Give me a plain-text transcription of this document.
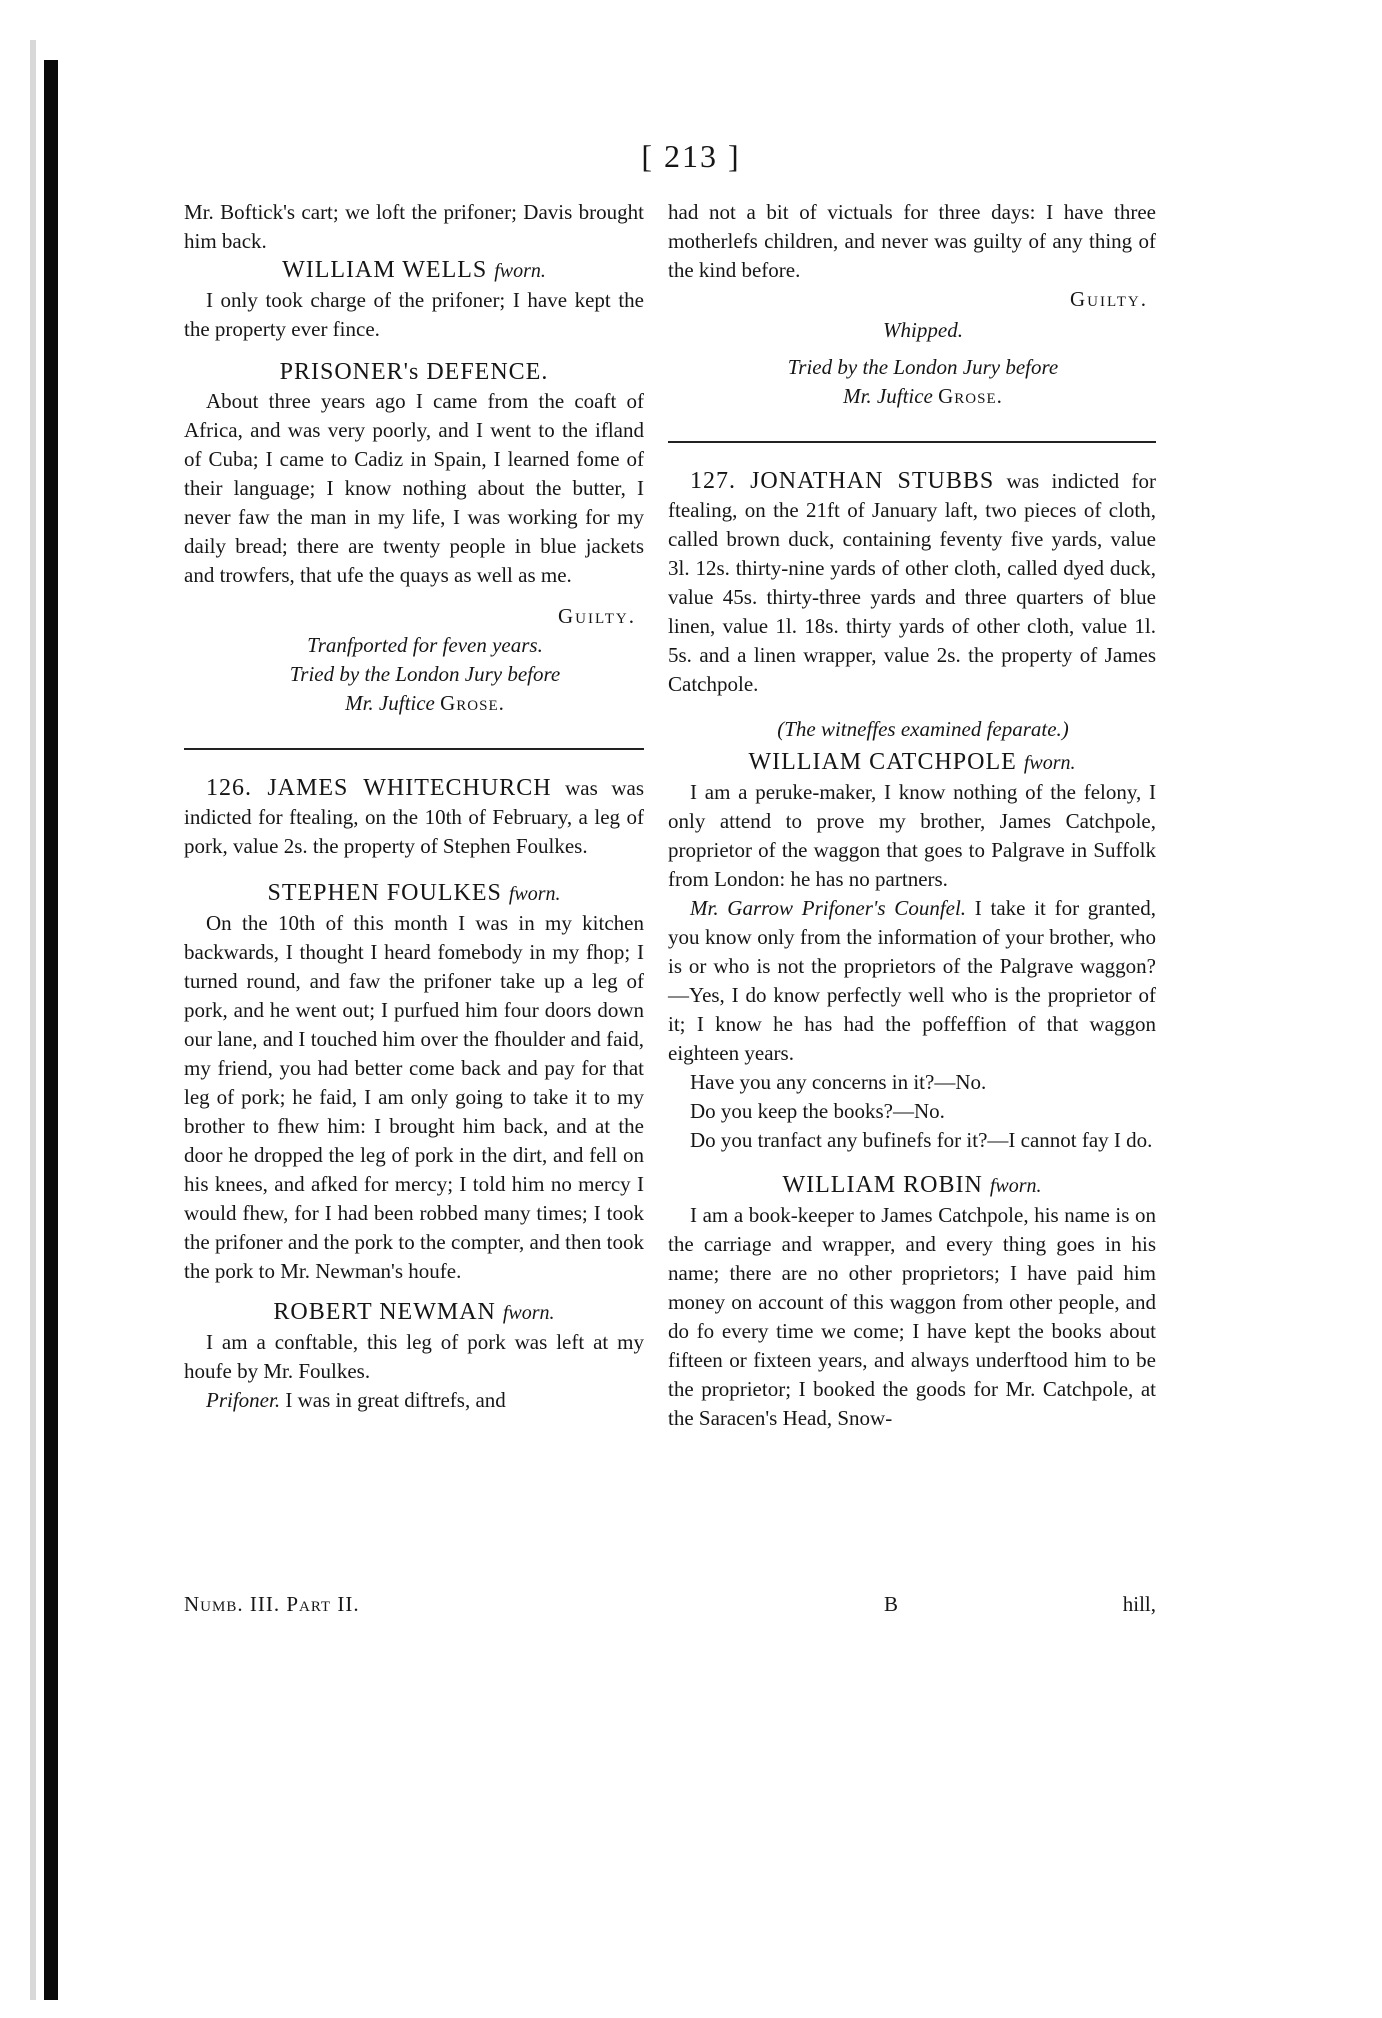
[ 213 ]

Mr. Boftick's cart; we loft the prifoner; Davis brought him back.

WILLIAM WELLS fworn.

I only took charge of the prifoner; I have kept the the property ever fince.

PRISONER's DEFENCE.

About three years ago I came from the coaft of Africa, and was very poorly, and I went to the ifland of Cuba; I came to Cadiz in Spain, I learned fome of their language; I know nothing about the butter, I never faw the man in my life, I was working for my daily bread; there are twenty people in blue jackets and trowfers, that ufe the quays as well as me.

Guilty.

Tranfported for feven years.

Tried by the London Jury before

Mr. Juftice Grose.

126. JAMES WHITECHURCH was was indicted for ftealing, on the 10th of February, a leg of pork, value 2s. the property of Stephen Foulkes.

STEPHEN FOULKES fworn.

On the 10th of this month I was in my kitchen backwards, I thought I heard fomebody in my fhop; I turned round, and faw the prifoner take up a leg of pork, and he went out; I purfued him four doors down our lane, and I touched him over the fhoulder and faid, my friend, you had better come back and pay for that leg of pork; he faid, I am only going to take it to my brother to fhew him: I brought him back, and at the door he dropped the leg of pork in the dirt, and fell on his knees, and afked for mercy; I told him no mercy I would fhew, for I had been robbed many times; I took the prifoner and the pork to the compter, and then took the pork to Mr. Newman's houfe.

ROBERT NEWMAN fworn.

I am a conftable, this leg of pork was left at my houfe by Mr. Foulkes.

Prifoner. I was in great diftrefs, and

had not a bit of victuals for three days: I have three motherlefs children, and never was guilty of any thing of the kind before.

Guilty.

Whipped.

Tried by the London Jury before

Mr. Juftice Grose.

127. JONATHAN STUBBS was indicted for ftealing, on the 21ft of January laft, two pieces of cloth, called brown duck, containing feventy five yards, value 3l. 12s. thirty-nine yards of other cloth, called dyed duck, value 45s. thirty-three yards and three quarters of blue linen, value 1l. 18s. thirty yards of other cloth, value 1l. 5s. and a linen wrapper, value 2s. the property of James Catchpole.

(The witneffes examined feparate.)

WILLIAM CATCHPOLE fworn.

I am a peruke-maker, I know nothing of the felony, I only attend to prove my brother, James Catchpole, proprietor of the waggon that goes to Palgrave in Suffolk from London: he has no partners.

Mr. Garrow Prifoner's Counfel. I take it for granted, you know only from the information of your brother, who is or who is not the proprietors of the Palgrave waggon? —Yes, I do know perfectly well who is the proprietor of it; I know he has had the poffeffion of that waggon eighteen years.

Have you any concerns in it?—No.

Do you keep the books?—No.

Do you tranfact any bufinefs for it?—I cannot fay I do.

WILLIAM ROBIN fworn.

I am a book-keeper to James Catchpole, his name is on the carriage and wrapper, and every thing goes in his name; there are no other proprietors; I have paid him money on account of this waggon from other people, and do fo every time we come; I have kept the books about fifteen or fixteen years, and always underftood him to be the proprietor; I booked the goods for Mr. Catchpole, at the Saracen's Head, Snow-

Numb. III. Part II.	B	hill,
